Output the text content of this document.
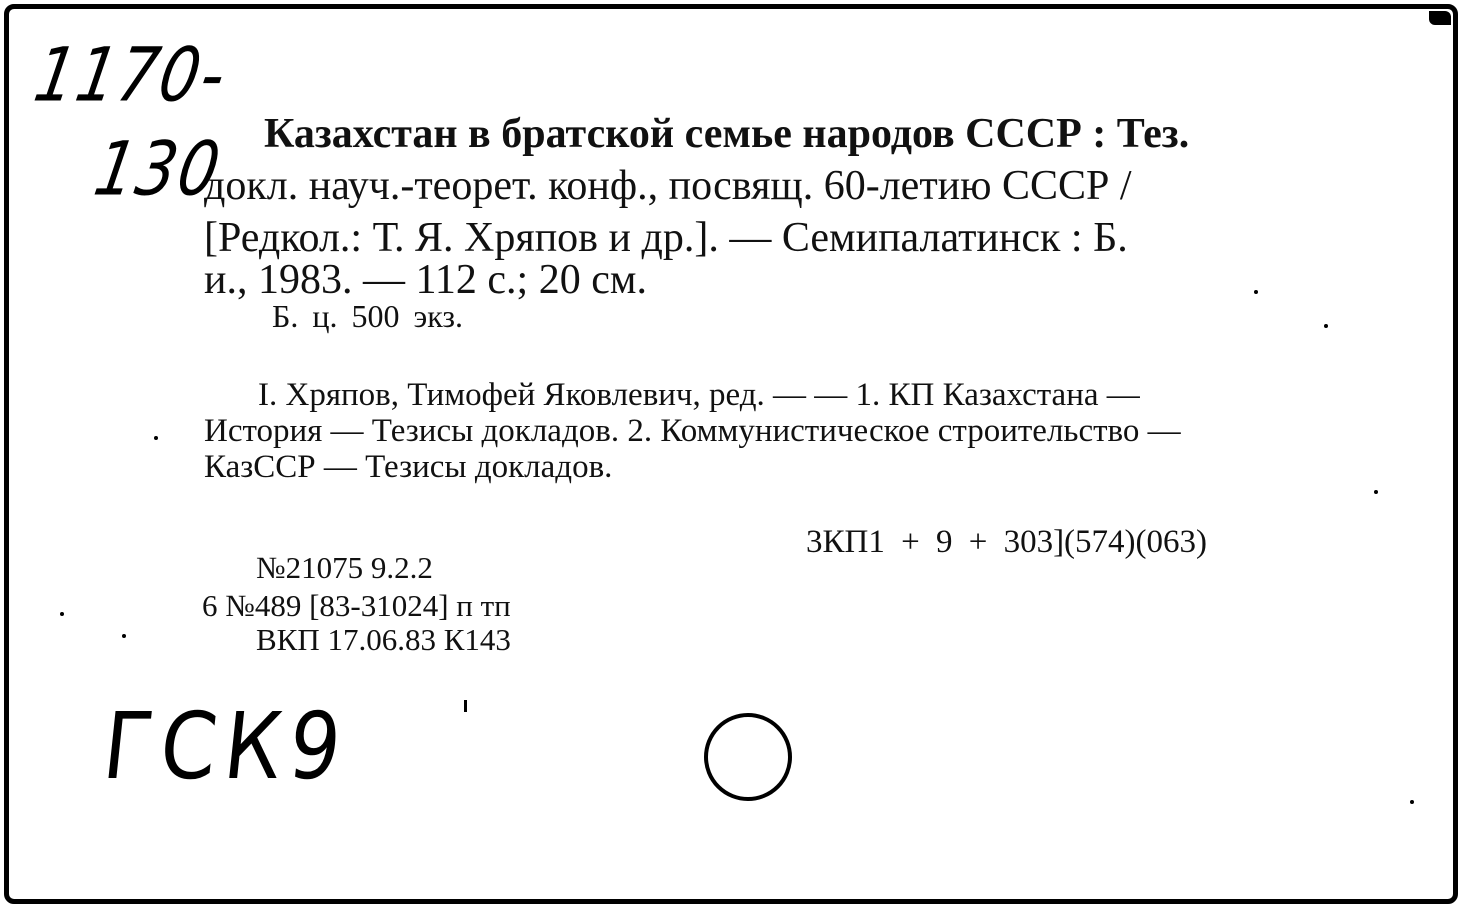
1170-
130 Казахстан в братской семье народов СССР : Тез.
докл. науч.-теорет. конф., посвящ. 60-летию СССР /
[Редкол.: Т. Я. Хряпов и др.]. — Семипалатинск : Б.
и., 1983. — 112 с.; 20 см.
Б. ц. 500 экз.
I. Хряпов, Тимофей Яковлевич, ред. — — 1. КП Казахстана —
История — Тезисы докладов. 2. Коммунистическое строительство —
КазССР — Тезисы докладов.
3КП1 + 9 + 303](574)(063)
№21075 9.2.2
6 №489 [83-31024] п тп
ВКП 17.06.83 К143
ГСК9
